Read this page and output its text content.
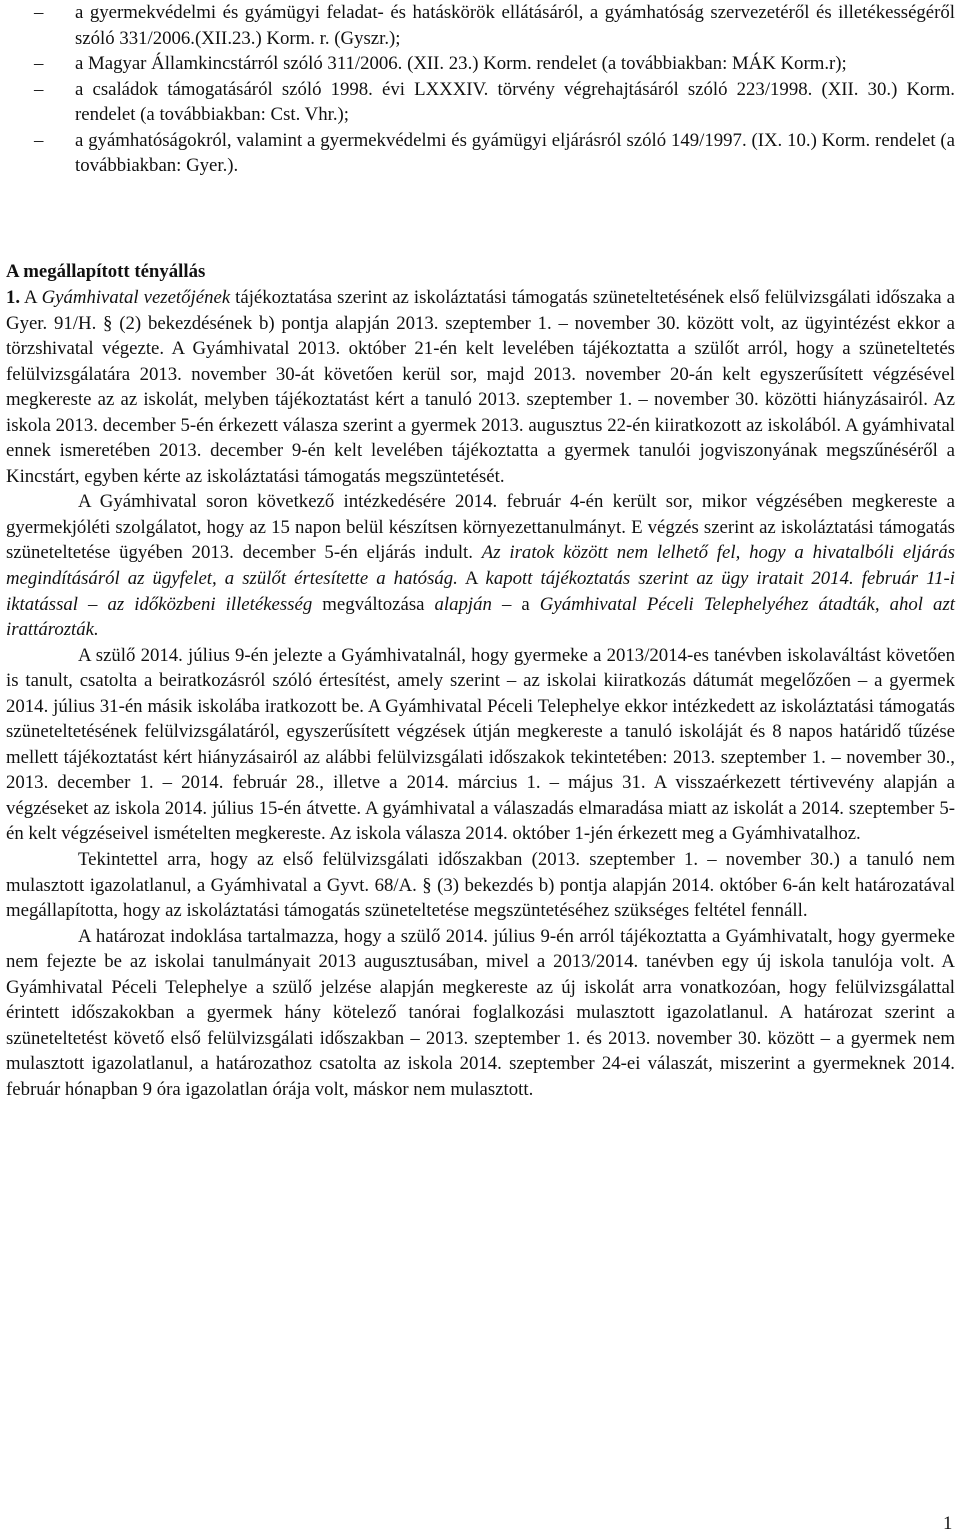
– a gyermekvédelmi és gyámügyi feladat- és hatáskörök ellátásáról, a gyámhatóság szervezetéről és illetékességéről szóló 331/2006.(XII.23.) Korm. r. (Gyszr.);
– a Magyar Államkincstárról szóló 311/2006. (XII. 23.) Korm. rendelet (a továbbiakban: MÁK Korm.r);
– a családok támogatásáról szóló 1998. évi LXXXIV. törvény végrehajtásáról szóló 223/1998. (XII. 30.) Korm. rendelet (a továbbiakban: Cst. Vhr.);
– a gyámhatóságokról, valamint a gyermekvédelmi és gyámügyi eljárásról szóló 149/1997. (IX. 10.) Korm. rendelet (a továbbiakban: Gyer.).
A megállapított tényállás

1. A Gyámhivatal vezetőjének tájékoztatása szerint az iskoláztatási támogatás szüneteltetésének első felülvizsgálati időszaka a Gyer. 91/H. § (2) bekezdésének b) pontja alapján 2013. szeptember 1. – november 30. között volt, az ügyintézést ekkor a törzshivatal végezte. A Gyámhivatal 2013. október 21-én kelt levelében tájékoztatta a szülőt arról, hogy a szüneteltetés felülvizsgálatára 2013. november 30-át követően kerül sor, majd 2013. november 20-án kelt egyszerűsített végzésével megkereste az az iskolát, melyben tájékoztatást kért a tanuló 2013. szeptember 1. – november 30. közötti hiányzásairól. Az iskola 2013. december 5-én érkezett válasza szerint a gyermek 2013. augusztus 22-én kiiratkozott az iskolából. A gyámhivatal ennek ismeretében 2013. december 9-én kelt levelében tájékoztatta a gyermek tanulói jogviszonyának megszűnéséről a Kincstárt, egyben kérte az iskoláztatási támogatás megszüntetését.

A Gyámhivatal soron következő intézkedésére 2014. február 4-én került sor, mikor végzésében megkereste a gyermekjóléti szolgálatot, hogy az 15 napon belül készítsen környezettanulmányt. E végzés szerint az iskoláztatási támogatás szüneteltetése ügyében 2013. december 5-én eljárás indult. Az iratok között nem lelhető fel, hogy a hivatalbóli eljárás megindításáról az ügyfelet, a szülőt értesítette a hatóság. A kapott tájékoztatás szerint az ügy iratait 2014. február 11-i iktatással – az időközbeni illetékesség megváltozása alapján – a Gyámhivatal Péceli Telephelyéhez átadták, ahol azt irattározták.

A szülő 2014. július 9-én jelezte a Gyámhivatalnál, hogy gyermeke a 2013/2014-es tanévben iskolaváltást követően is tanult, csatolta a beiratkozásról szóló értesítést, amely szerint – az iskolai kiiratkozás dátumát megelőzően – a gyermek 2014. július 31-én másik iskolába iratkozott be. A Gyámhivatal Péceli Telephelye ekkor intézkedett az iskoláztatási támogatás szüneteltetésének felülvizsgálatáról, egyszerűsített végzések útján megkereste a tanuló iskoláját és 8 napos határidő tűzése mellett tájékoztatást kért hiányzásairól az alábbi felülvizsgálati időszakok tekintetében: 2013. szeptember 1. – november 30., 2013. december 1. – 2014. február 28., illetve a 2014. március 1. – május 31. A visszaérkezett tértivevény alapján a végzéseket az iskola 2014. július 15-én átvette. A gyámhivatal a válaszadás elmaradása miatt az iskolát a 2014. szeptember 5-én kelt végzéseivel ismételten megkereste. Az iskola válasza 2014. október 1-jén érkezett meg a Gyámhivatalhoz.

Tekintettel arra, hogy az első felülvizsgálati időszakban (2013. szeptember 1. – november 30.) a tanuló nem mulasztott igazolatlanul, a Gyámhivatal a Gyvt. 68/A. § (3) bekezdés b) pontja alapján 2014. október 6-án kelt határozatával megállapította, hogy az iskoláztatási támogatás szüneteltetése megszüntetéséhez szükséges feltétel fennáll.

A határozat indoklása tartalmazza, hogy a szülő 2014. július 9-én arról tájékoztatta a Gyámhivatalt, hogy gyermeke nem fejezte be az iskolai tanulmányait 2013 augusztusában, mivel a 2013/2014. tanévben egy új iskola tanulója volt. A Gyámhivatal Péceli Telephelye a szülő jelzése alapján megkereste az új iskolát arra vonatkozóan, hogy felülvizsgálattal érintett időszakokban a gyermek hány kötelező tanórai foglalkozási mulasztott igazolatlanul. A határozat szerint a szüneteltetést követő első felülvizsgálati időszakban – 2013. szeptember 1. és 2013. november 30. között – a gyermek nem mulasztott igazolatlanul, a határozathoz csatolta az iskola 2014. szeptember 24-ei válaszát, miszerint a gyermeknek 2014. február hónapban 9 óra igazolatlan órája volt, máskor nem mulasztott.

1
